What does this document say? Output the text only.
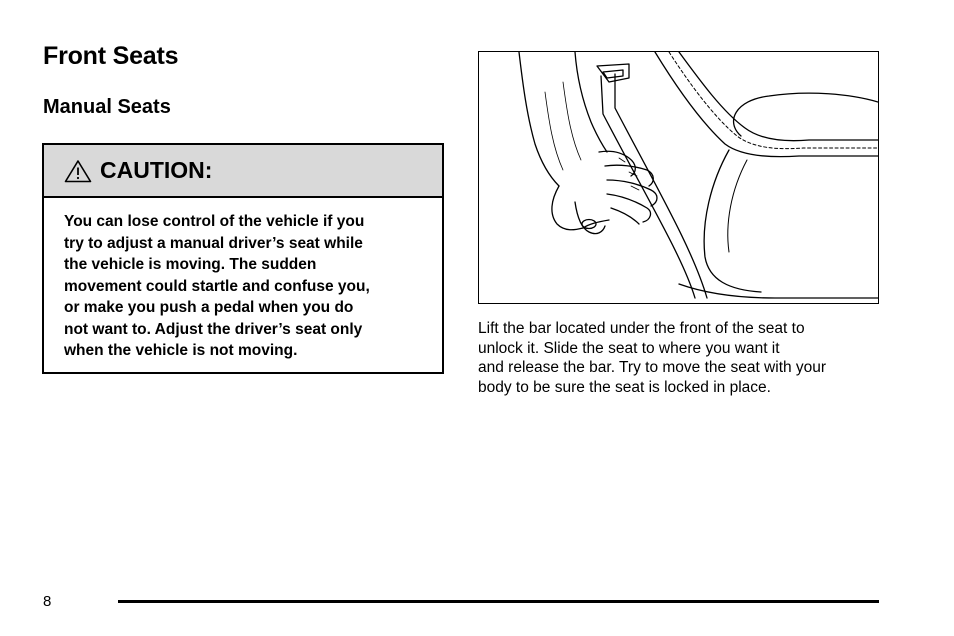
Front Seats
Manual Seats
CAUTION:
You can lose control of the vehicle if you
try to adjust a manual driver’s seat while
the vehicle is moving. The sudden
movement could startle and confuse you,
or make you push a pedal when you do
not want to. Adjust the driver’s seat only
when the vehicle is not moving.
Lift the bar located under the front of the seat to
unlock it. Slide the seat to where you want it
and release the bar. Try to move the seat with your
body to be sure the seat is locked in place.
8
